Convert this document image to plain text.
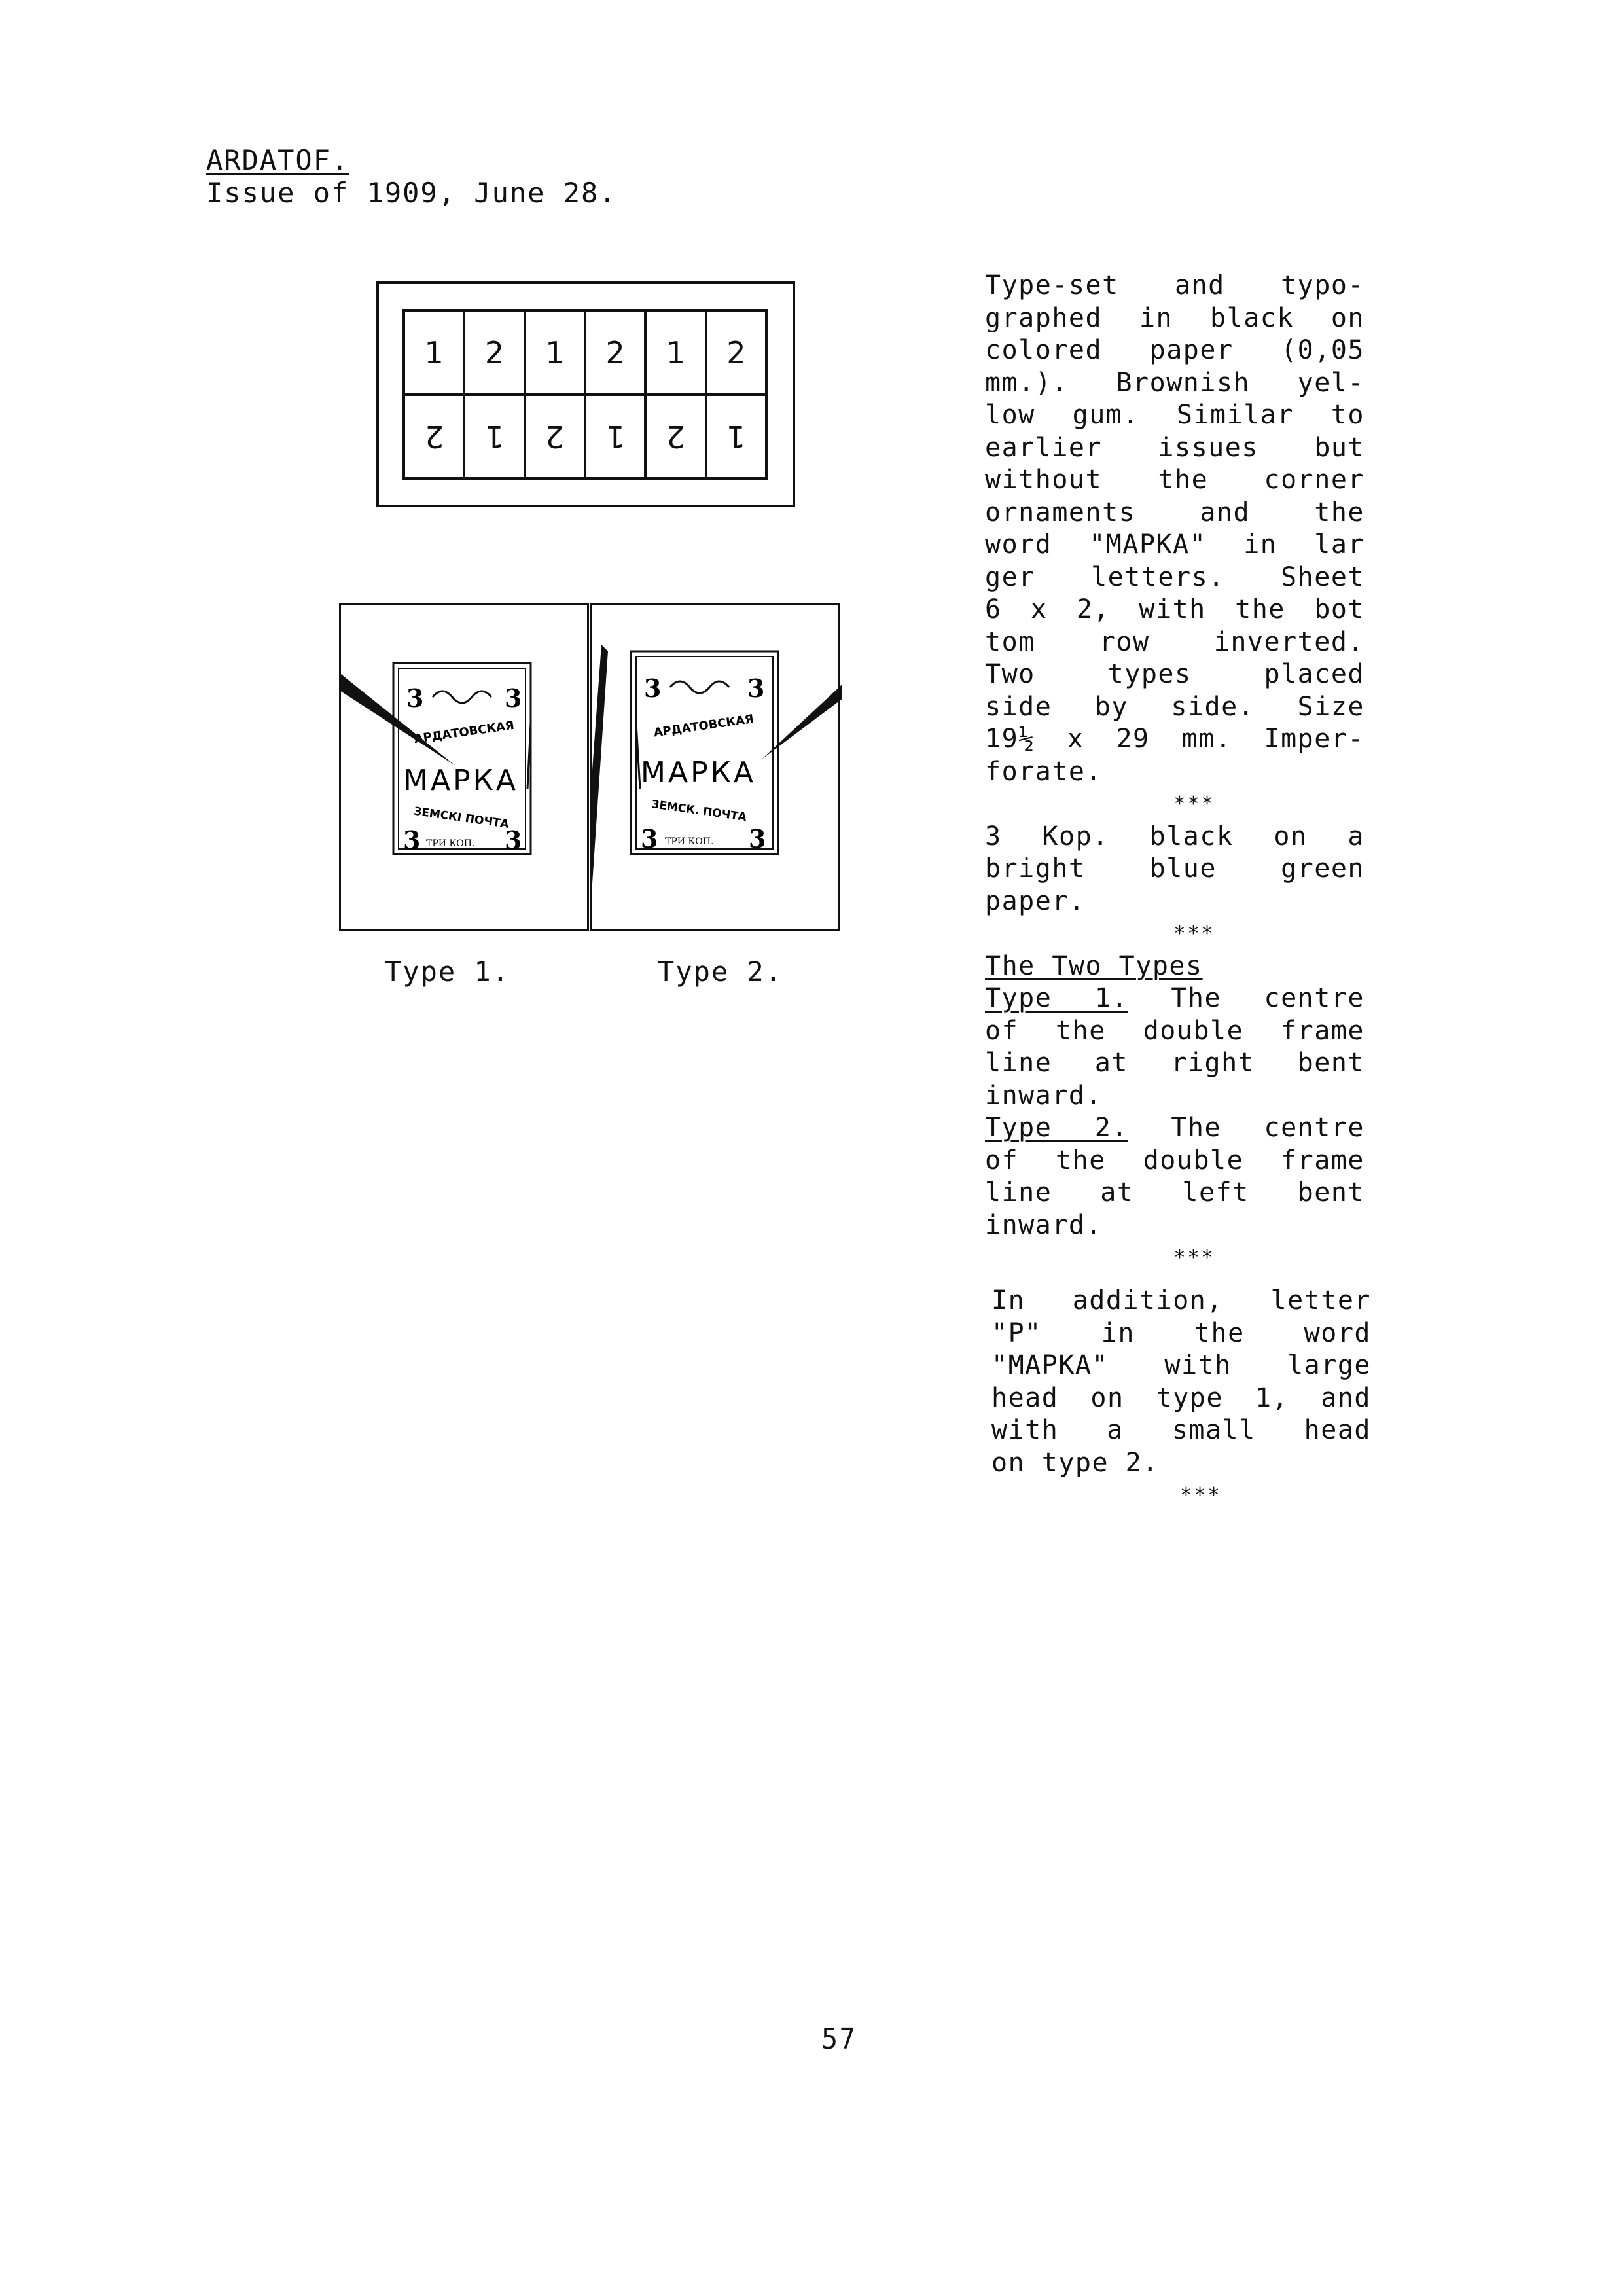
ARDATOF.
Issue of 1909, June 28.
1 2 1 2 1 2
2 1 2 1 2 1
3	3
АРДАТОВСКАЯ
МАРКА
ЗЕМСКІ ПОЧТА
3 ТРИ КОП. 3
3	3
АРДАТОВСКАЯ
МАРКА
ЗЕМСК. ПОЧТА
3 ТРИ КОП. 3
Type 1.	Type 2.

Type-set and typo-

graphed in black on

colored paper (0,05

mm.). Brownish yel-

low gum. Similar to

earlier issues but

without the corner

ornaments and the

word "MAPKA" in lar

ger letters. Sheet

6 x 2, with the bot

tom row inverted.

Two types placed

side by side. Size

19½ x 29 mm. Imper-

forate.

***

3 Kop. black on a

bright blue green

paper.

***

The Two Types

Type 1. The centre

of the double frame

line at right bent

inward.

Type 2. The centre

of the double frame

line at left bent

inward.

***

In addition, letter

"P" in the word

"MAPKA" with large

head on type 1, and

with a small head

on type 2.

***

57
